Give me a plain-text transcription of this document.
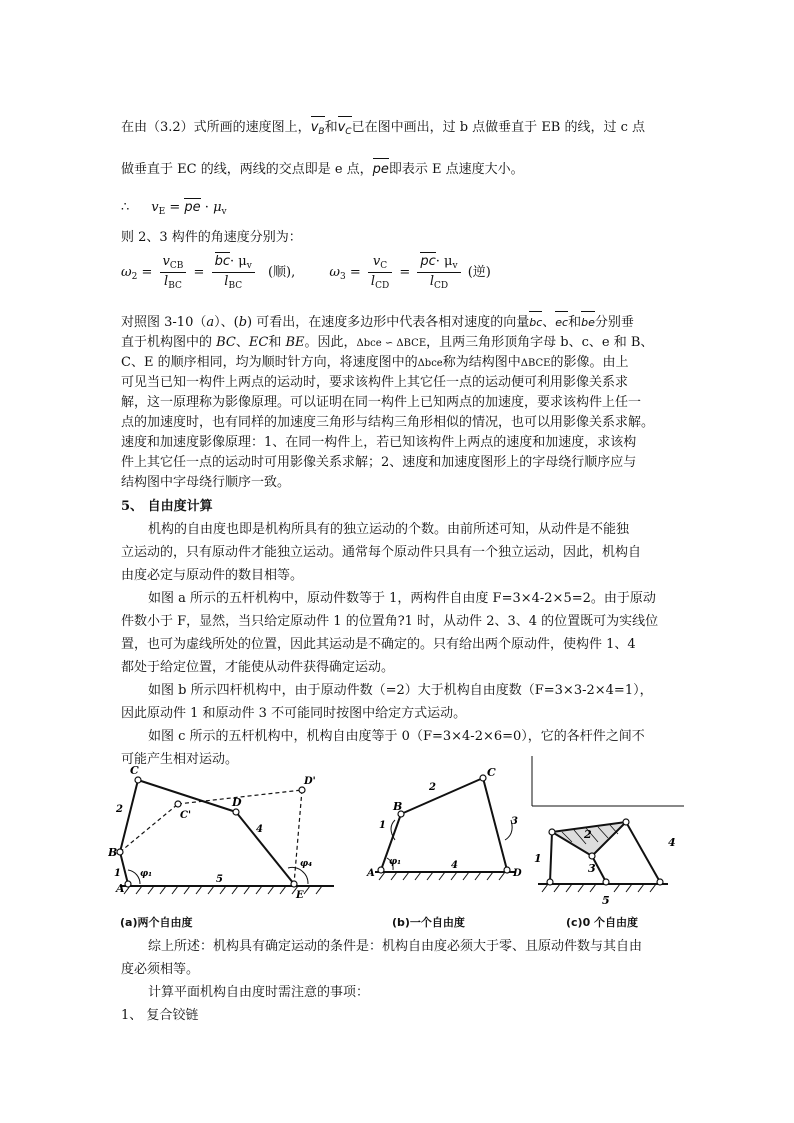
在由（3.2）式所画的速度图上，$v_B$和$v_C$已在图中画出，过 b 点做垂直于 EB 的线，过 c 点
做垂直于 EC 的线，两线的交点即是 e 点，pe即表示 E 点速度大小。
∴ $v_E$ = pe · $\mu_v$
则 2、3 构件的角速度分别为：
$\omega_2 = \frac{v_{CB}}{l_{BC}} = \frac{bc\cdot \mu_v}{l_{BC}}$ (顺),	$\omega_3 = \frac{v_C}{l_{CD}} = \frac{pc\cdot \mu_v}{l_{CD}}$ (逆)
对照图 3-10（a）、(b) 可看出，在速度多边形中代表各相对速度的向量bc、ec和be分别垂
直于机构图中的 BC、EC和 BE。因此，Δbce ∽ ΔBCE，且两三角形顶角字母 b、c、e 和 B、
C、E 的顺序相同，均为顺时针方向，将速度图中的Δbce称为结构图中ΔBCE的影像。由上
可见当已知一构件上两点的运动时，要求该构件上其它任一点的运动便可利用影像关系求
解，这一原理称为影像原理。可以证明在同一构件上已知两点的加速度，要求该构件上任一
点的加速度时，也有同样的加速度三角形与结构三角形相似的情况，也可以用影像关系求解。
速度和加速度影像原理：1、在同一构件上，若已知该构件上两点的速度和加速度，求该构
件上其它任一点的运动时可用影像关系求解；2、速度和加速度图形上的字母绕行顺序应与
结构图中字母绕行顺序一致。
5、 自由度计算
机构的自由度也即是机构所具有的独立运动的个数。由前所述可知，从动件是不能独
立运动的，只有原动件才能独立运动。通常每个原动件只具有一个独立运动，因此，机构自
由度必定与原动件的数目相等。
如图 a 所示的五杆机构中，原动件数等于 1，两构件自由度 F=3×4-2×5=2。由于原动
件数小于 F，显然，当只给定原动件 1 的位置角?1 时，从动件 2、3、4 的位置既可为实线位
置，也可为虚线所处的位置，因此其运动是不确定的。只有给出两个原动件，使构件 1、4
都处于给定位置，才能使从动件获得确定运动。
如图 b 所示四杆机构中，由于原动件数（=2）大于机构自由度数（F=3×3-2×4=1），
因此原动件 1 和原动件 3 不可能同时按图中给定方式运动。
如图 c 所示的五杆机构中，机构自由度等于 0（F=3×4-2×6=0），它的各杆件之间不
可能产生相对运动。
C
C'
D
D'
B
A
E
1
2
4
5
φ₁
φ₄
(a)两个自由度
B
C
A	D
1
2
3
4
φ₁
(b)一个自由度
1
2
3
4
5
(c)0 个自由度
综上所述：机构具有确定运动的条件是：机构自由度必须大于零、且原动件数与其自由
度必须相等。
计算平面机构自由度时需注意的事项：
1、 复合铰链
